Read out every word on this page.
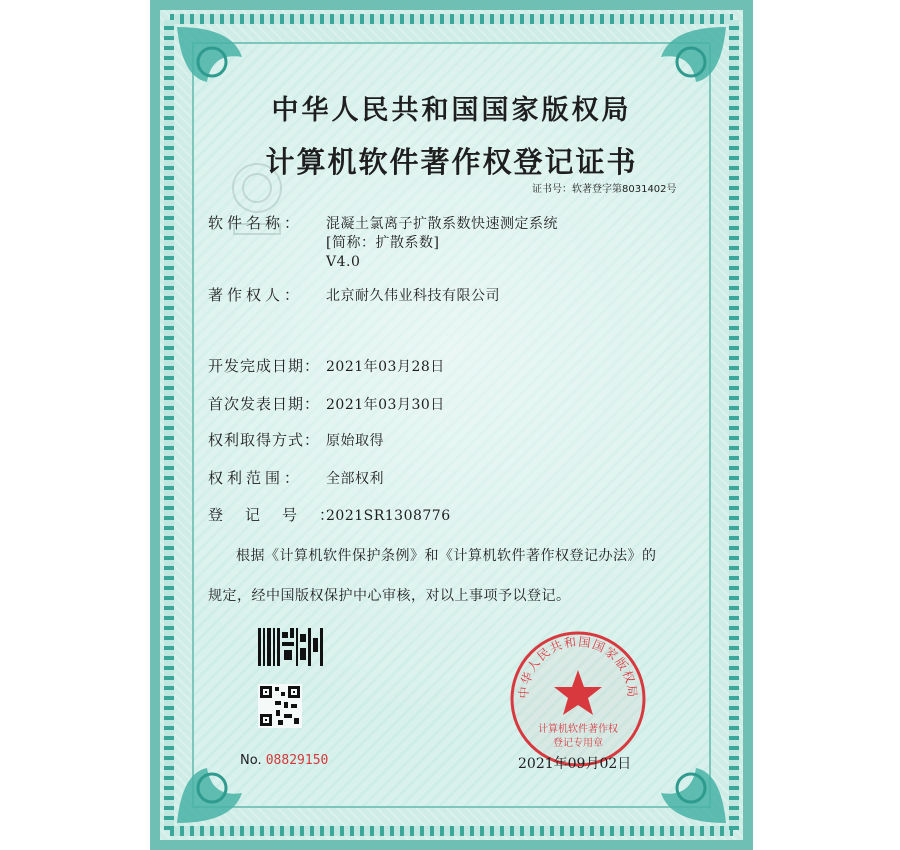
中华人民共和国国家版权局
计算机软件著作权登记证书
证书号：软著登字第8031402号
软件名称： 混凝土氯离子扩散系数快速测定系统
[简称：扩散系数]
V4.0
著作权人： 北京耐久伟业科技有限公司
开发完成日期： 2021年03月28日
首次发表日期： 2021年03月30日
权利取得方式： 原始取得
权利范围： 全部权利
登记号：2021SR1308776
根据《计算机软件保护条例》和《计算机软件著作权登记办法》的
规定，经中国版权保护中心审核，对以上事项予以登记。
No. 08829150
中华人民共和国国家版权局
计算机软件著作权
登记专用章
2021年09月02日
